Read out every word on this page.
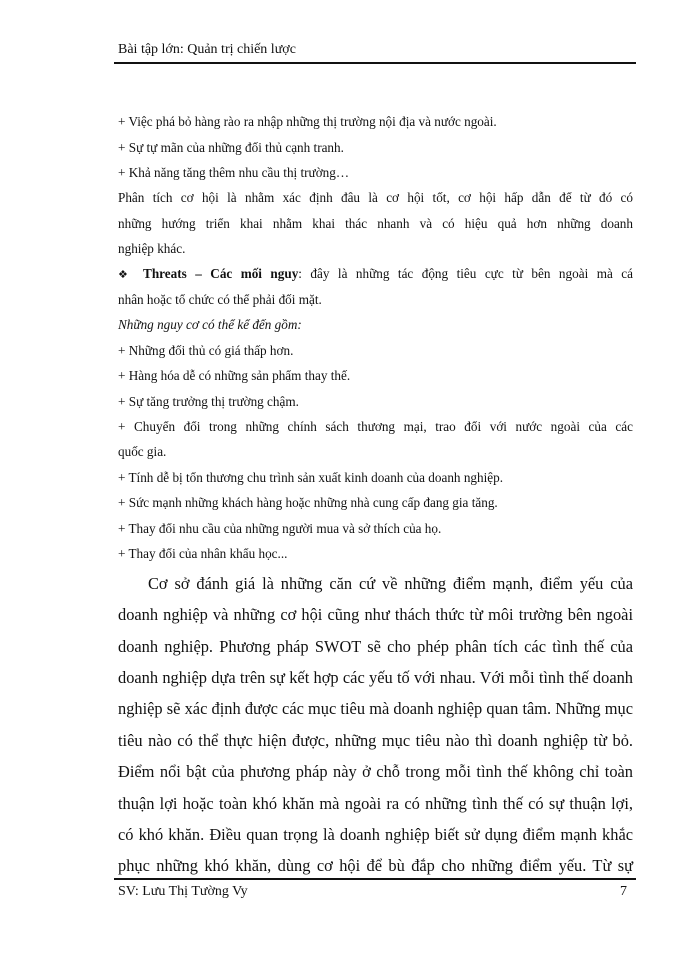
Bài tập lớn: Quản trị chiến lược
+ Việc phá bỏ hàng rào ra nhập những thị trường nội địa và nước ngoài.
+ Sự tự mãn của những đối thủ cạnh tranh.
+ Khả năng tăng thêm nhu cầu thị trường…
Phân tích cơ hội là nhằm xác định đâu là cơ hội tốt, cơ hội hấp dẫn để từ đó có
những hướng triển khai nhằm khai thác nhanh và có hiệu quả hơn những doanh
nghiệp khác.
❖ Threats – Các mối nguy: đây là những tác động tiêu cực từ bên ngoài mà cá
nhân hoặc tổ chức có thể phải đối mặt.
Những nguy cơ có thể kể đến gồm:
+ Những đối thủ có giá thấp hơn.
+ Hàng hóa dễ có những sản phẩm thay thế.
+ Sự tăng trưởng thị trường chậm.
+ Chuyển đổi trong những chính sách thương mại, trao đổi với nước ngoài của các
quốc gia.
+ Tính dễ bị tổn thương chu trình sản xuất kinh doanh của doanh nghiệp.
+ Sức mạnh những khách hàng hoặc những nhà cung cấp đang gia tăng.
+ Thay đổi nhu cầu của những người mua và sở thích của họ.
+ Thay đổi của nhân khẩu học...
Cơ sở đánh giá là những căn cứ về những điểm mạnh, điểm yếu của
doanh nghiệp và những cơ hội cũng như thách thức từ môi trường bên ngoài
doanh nghiệp. Phương pháp SWOT sẽ cho phép phân tích các tình thế của
doanh nghiệp dựa trên sự kết hợp các yếu tố với nhau. Với mỗi tình thế doanh
nghiệp sẽ xác định được các mục tiêu mà doanh nghiệp quan tâm. Những mục
tiêu nào có thể thực hiện được, những mục tiêu nào thì doanh nghiệp từ bỏ.
Điểm nổi bật của phương pháp này ở chỗ trong mỗi tình thế không chỉ toàn
thuận lợi hoặc toàn khó khăn mà ngoài ra có những tình thế có sự thuận lợi,
có khó khăn. Điều quan trọng là doanh nghiệp biết sử dụng điểm mạnh khắc
phục những khó khăn, dùng cơ hội để bù đắp cho những điểm yếu. Từ sự
SV: Lưu Thị Tường Vy	7
